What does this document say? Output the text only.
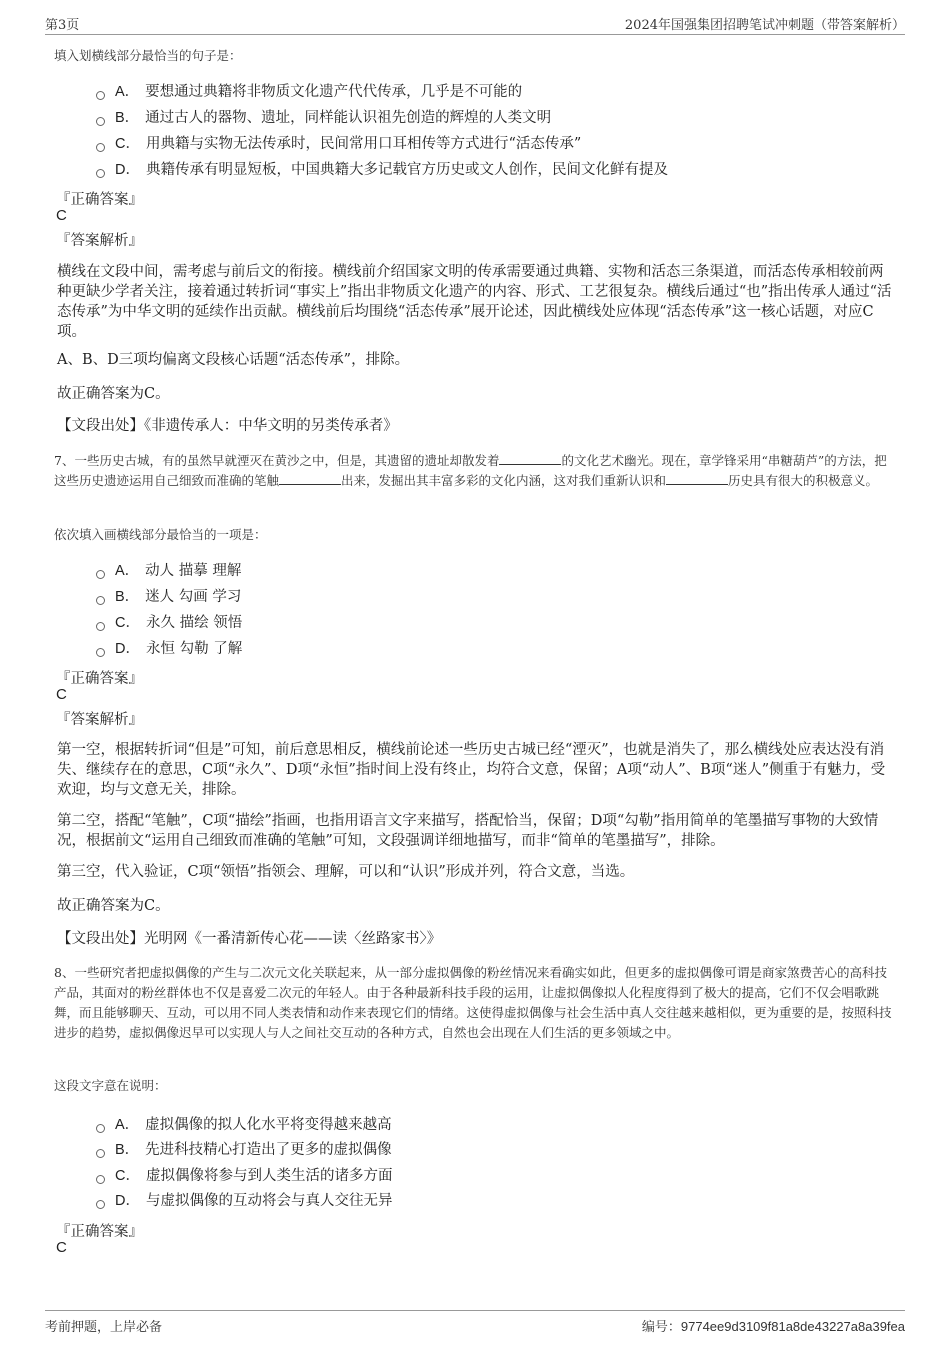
第3页	2024年国强集团招聘笔试冲刺题（带答案解析）
填入划横线部分最恰当的句子是：
A． 要想通过典籍将非物质文化遗产代代传承，几乎是不可能的
B． 通过古人的器物、遗址，同样能认识祖先创造的辉煌的人类文明
C． 用典籍与实物无法传承时，民间常用口耳相传等方式进行“活态传承”
D． 典籍传承有明显短板，中国典籍大多记载官方历史或文人创作，民间文化鲜有提及
『正确答案』
C
『答案解析』

横线在文段中间，需考虑与前后文的衔接。横线前介绍国家文明的传承需要通过典籍、实物和活态三条渠道，而活态传承相较前两种更缺少学者关注，接着通过转折词“事实上”指出非物质文化遗产的内容、形式、工艺很复杂。横线后通过“也”指出传承人通过“活态传承”为中华文明的延续作出贡献。横线前后均围绕“活态传承”展开论述，因此横线处应体现“活态传承”这一核心话题，对应C项。

A、B、D三项均偏离文段核心话题“活态传承”，排除。

故正确答案为C。

【文段出处】《非遗传承人：中华文明的另类传承者》

7、一些历史古城，有的虽然早就湮灭在黄沙之中，但是，其遗留的遗址却散发着	的文化艺术幽光。现在，章学锋采用“串糖葫芦”的方法，把这些历史遗迹运用自己细致而准确的笔触	出来，发掘出其丰富多彩的文化内涵，这对我们重新认识和	历史具有很大的积极意义。

依次填入画横线部分最恰当的一项是：
A． 动人 描摹 理解
B． 迷人 勾画 学习
C． 永久 描绘 领悟
D． 永恒 勾勒 了解
『正确答案』
C
『答案解析』

第一空，根据转折词“但是”可知，前后意思相反，横线前论述一些历史古城已经“湮灭”，也就是消失了，那么横线处应表达没有消失、继续存在的意思，C项“永久”、D项“永恒”指时间上没有终止，均符合文意，保留；A项“动人”、B项“迷人”侧重于有魅力，受欢迎，均与文意无关，排除。

第二空，搭配“笔触”，C项“描绘”指画，也指用语言文字来描写，搭配恰当，保留；D项“勾勒”指用简单的笔墨描写事物的大致情况，根据前文“运用自己细致而准确的笔触”可知，文段强调详细地描写，而非“简单的笔墨描写”，排除。

第三空，代入验证，C项“领悟”指领会、理解，可以和“认识”形成并列，符合文意，当选。

故正确答案为C。

【文段出处】光明网《一番清新传心花——读〈丝路家书〉》

8、一些研究者把虚拟偶像的产生与二次元文化关联起来，从一部分虚拟偶像的粉丝情况来看确实如此，但更多的虚拟偶像可谓是商家煞费苦心的高科技产品，其面对的粉丝群体也不仅是喜爱二次元的年轻人。由于各种最新科技手段的运用，让虚拟偶像拟人化程度得到了极大的提高，它们不仅会唱歌跳舞，而且能够聊天、互动，可以用不同人类表情和动作来表现它们的情绪。这使得虚拟偶像与社会生活中真人交往越来越相似，更为重要的是，按照科技进步的趋势，虚拟偶像迟早可以实现人与人之间社交互动的各种方式，自然也会出现在人们生活的更多领域之中。

这段文字意在说明：
A． 虚拟偶像的拟人化水平将变得越来越高
B． 先进科技精心打造出了更多的虚拟偶像
C． 虚拟偶像将参与到人类生活的诸多方面
D． 与虚拟偶像的互动将会与真人交往无异
『正确答案』
C
考前押题，上岸必备	编号：9774ee9d3109f81a8de43227a8a39fea
